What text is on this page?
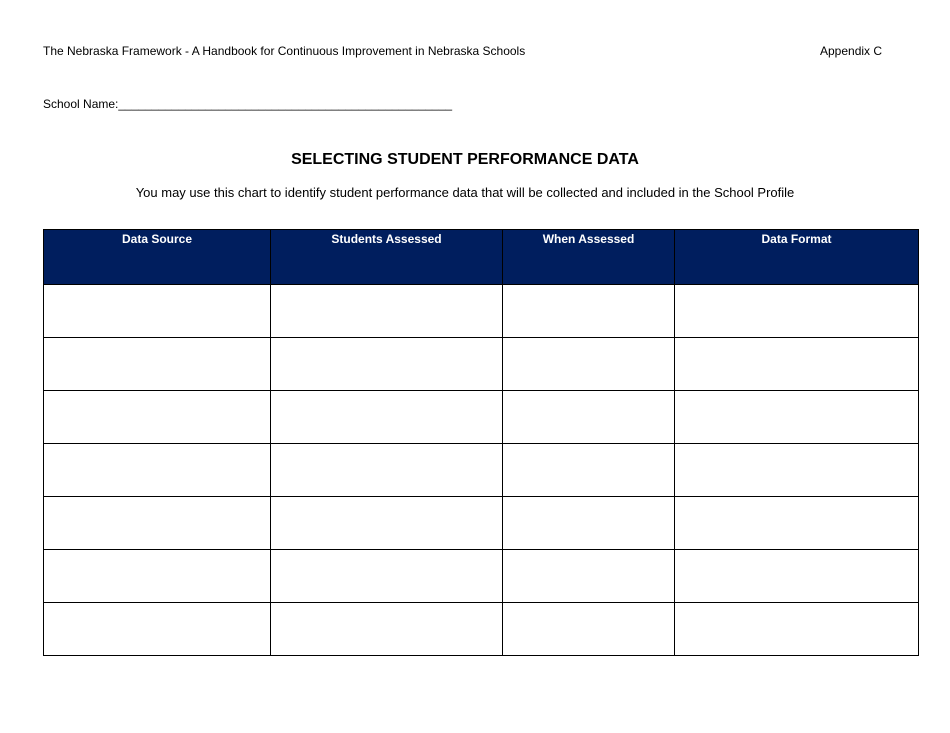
The Nebraska Framework - A Handbook for Continuous Improvement in Nebraska Schools	Appendix C
School Name:__________________________________________________
SELECTING STUDENT PERFORMANCE DATA
You may use this chart to identify student performance data that will be collected and included in the School Profile
Data Source	Students Assessed	When Assessed	Data Format
